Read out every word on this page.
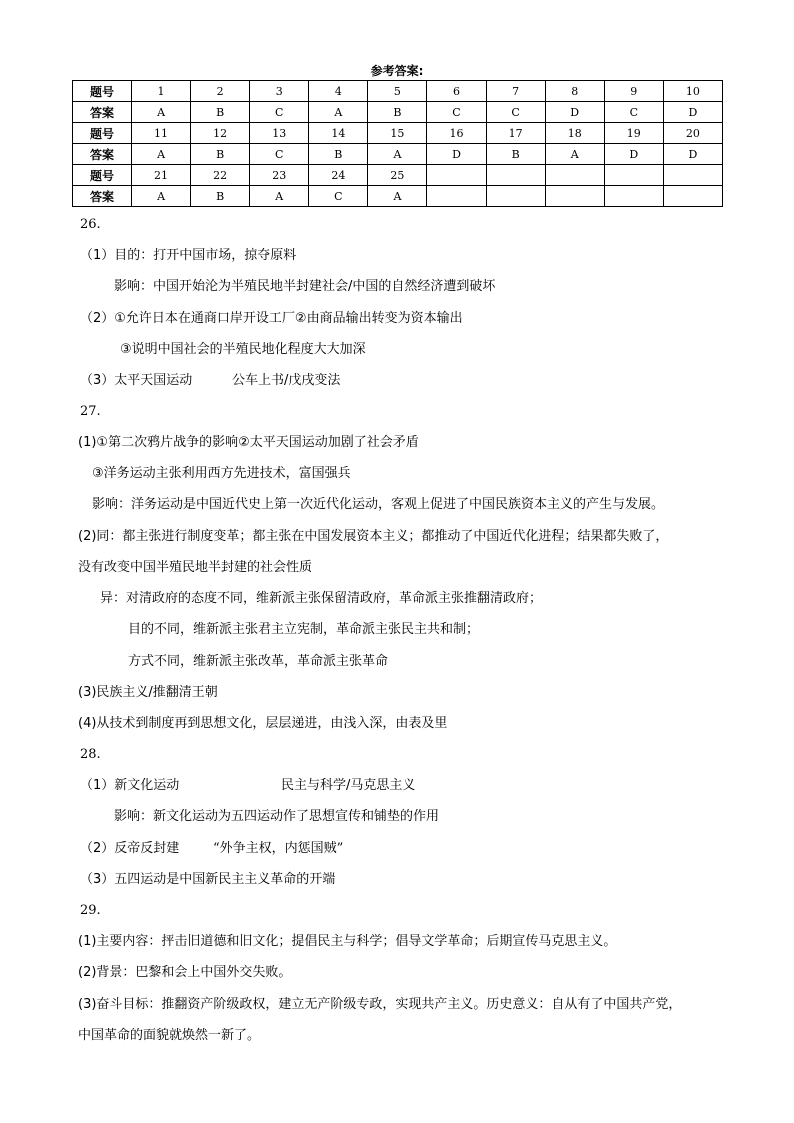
参考答案:
题号	1	2	3	4	5	6	7	8	9	10
答案	A	B	C	A	B	C	C	D	C	D
题号	11	12	13	14	15	16	17	18	19	20
答案	A	B	C	B	A	D	B	A	D	D
题号	21	22	23	24	25					
答案	A	B	A	C	A					
26.
（1）目的：打开中国市场，掠夺原料
影响：中国开始沦为半殖民地半封建社会/中国的自然经济遭到破坏
（2）①允许日本在通商口岸开设工厂②由商品输出转变为资本输出
③说明中国社会的半殖民地化程度大大加深
（3）太平天国运动	公车上书/戊戌变法
27.
(1)①第二次鸦片战争的影响②太平天国运动加剧了社会矛盾
③洋务运动主张利用西方先进技术，富国强兵
影响：洋务运动是中国近代史上第一次近代化运动，客观上促进了中国民族资本主义的产生与发展。
(2)同：都主张进行制度变革；都主张在中国发展资本主义；都推动了中国近代化进程；结果都失败了，
没有改变中国半殖民地半封建的社会性质
异：对清政府的态度不同，维新派主张保留清政府，革命派主张推翻清政府；
目的不同，维新派主张君主立宪制，革命派主张民主共和制；
方式不同，维新派主张改革，革命派主张革命
(3)民族主义/推翻清王朝
(4)从技术到制度再到思想文化，层层递进，由浅入深，由表及里
28.
（1）新文化运动	民主与科学/马克思主义
影响：新文化运动为五四运动作了思想宣传和铺垫的作用
（2）反帝反封建	“外争主权，内惩国贼”
（3）五四运动是中国新民主主义革命的开端
29.
(1)主要内容：抨击旧道德和旧文化；提倡民主与科学；倡导文学革命；后期宣传马克思主义。
(2)背景：巴黎和会上中国外交失败。
(3)奋斗目标：推翻资产阶级政权，建立无产阶级专政，实现共产主义。历史意义：自从有了中国共产党，
中国革命的面貌就焕然一新了。
